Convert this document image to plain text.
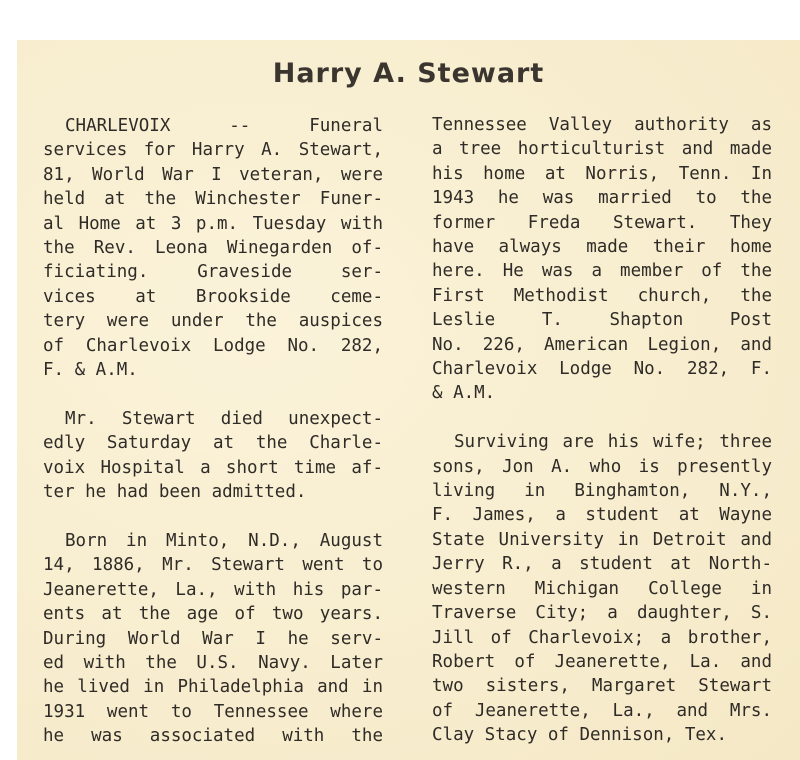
Harry A. Stewart
CHARLEVOIX -- Funeral
services for Harry A. Stewart,
81, World War I veteran, were
held at the Winchester Funer-
al Home at 3 p.m. Tuesday with
the Rev. Leona Winegarden of-
ficiating. Graveside ser-
vices at Brookside ceme-
tery were under the auspices
of Charlevoix Lodge No. 282,
F. & A.M.
Mr. Stewart died unexpect-
edly Saturday at the Charle-
voix Hospital a short time af-
ter he had been admitted.
Born in Minto, N.D., August
14, 1886, Mr. Stewart went to
Jeanerette, La., with his par-
ents at the age of two years.
During World War I he serv-
ed with the U.S. Navy. Later
he lived in Philadelphia and in
1931 went to Tennessee where
he was associated with the
Tennessee Valley authority as
a tree horticulturist and made
his home at Norris, Tenn. In
1943 he was married to the
former Freda Stewart. They
have always made their home
here. He was a member of the
First Methodist church, the
Leslie T. Shapton Post
No. 226, American Legion, and
Charlevoix Lodge No. 282, F.
& A.M.
Surviving are his wife; three
sons, Jon A. who is presently
living in Binghamton, N.Y.,
F. James, a student at Wayne
State University in Detroit and
Jerry R., a student at North-
western Michigan College in
Traverse City; a daughter, S.
Jill of Charlevoix; a brother,
Robert of Jeanerette, La. and
two sisters, Margaret Stewart
of Jeanerette, La., and Mrs.
Clay Stacy of Dennison, Tex.
